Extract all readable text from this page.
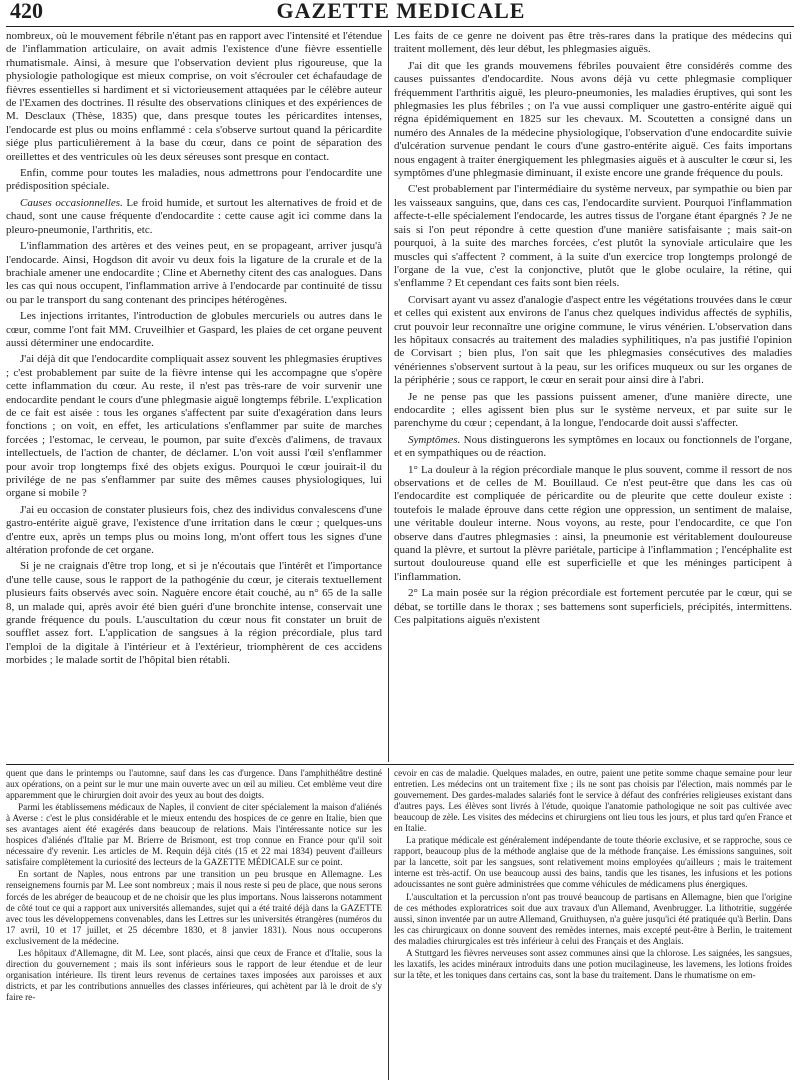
420	GAZETTE MEDICALE

nombreux, où le mouvement fébrile n'étant pas en rapport avec l'intensité et l'étendue de l'inflammation articulaire, on avait admis l'existence d'une fièvre essentielle rhumatismale. Ainsi, à mesure que l'observation devient plus rigoureuse, que la physiologie pathologique est mieux comprise, on voit s'écrouler cet échafaudage de fièvres essentielles si hardiment et si victorieusement attaquées par le célèbre auteur de l'Examen des doctrines. Il résulte des observations cliniques et des expériences de M. Desclaux (Thèse, 1835) que, dans presque toutes les péricardites intenses, l'endocarde est plus ou moins enflammé : cela s'observe surtout quand la péricardite siége plus particulièrement à la base du cœur, dans ce point de séparation des oreillettes et des ventricules où les deux séreuses sont presque en contact.

Enfin, comme pour toutes les maladies, nous admettrons pour l'endocardite une prédisposition spéciale.

Causes occasionnelles. Le froid humide, et surtout les alternatives de froid et de chaud, sont une cause fréquente d'endocardite : cette cause agit ici comme dans la pleuro-pneumonie, l'arthritis, etc.

L'inflammation des artères et des veines peut, en se propageant, arriver jusqu'à l'endocarde. Ainsi, Hogdson dit avoir vu deux fois la ligature de la crurale et de la brachiale amener une endocardite ; Cline et Abernethy citent des cas analogues. Dans les cas qui nous occupent, l'inflammation arrive à l'endocarde par continuité de tissu ou par le transport du sang contenant des principes hétérogènes.

Les injections irritantes, l'introduction de globules mercuriels ou autres dans le cœur, comme l'ont fait MM. Cruveilhier et Gaspard, les plaies de cet organe peuvent aussi déterminer une endocardite.

J'ai déjà dit que l'endocardite compliquait assez souvent les phlegmasies éruptives ; c'est probablement par suite de la fièvre intense qui les accompagne que s'opère cette inflammation du cœur. Au reste, il n'est pas très-rare de voir survenir une endocardite pendant le cours d'une phlegmasie aiguë longtemps fébrile. L'explication de ce fait est aisée : tous les organes s'affectent par suite d'exagération dans leurs fonctions ; on voit, en effet, les articulations s'enflammer par suite de marches forcées ; l'estomac, le cerveau, le poumon, par suite d'excès d'alimens, de travaux intellectuels, de l'action de chanter, de déclamer. L'on voit aussi l'œil s'enflammer pour avoir trop longtemps fixé des objets exigus. Pourquoi le cœur jouirait-il du privilége de ne pas s'enflammer par suite des mêmes causes physiologiques, lui organe si mobile ?

J'ai eu occasion de constater plusieurs fois, chez des individus convalescens d'une gastro-entérite aiguë grave, l'existence d'une irritation dans le cœur ; quelques-uns d'entre eux, après un temps plus ou moins long, m'ont offert tous les signes d'une altération profonde de cet organe.

Si je ne craignais d'être trop long, et si je n'écoutais que l'intérêt et l'importance d'une telle cause, sous le rapport de la pathogénie du cœur, je citerais textuellement plusieurs faits observés avec soin. Naguère encore était couché, au n° 65 de la salle 8, un malade qui, après avoir été bien guéri d'une bronchite intense, conservait une grande fréquence du pouls. L'auscultation du cœur nous fit constater un bruit de soufflet assez fort. L'application de sangsues à la région précordiale, plus tard l'emploi de la digitale à l'intérieur et à l'extérieur, triomphèrent de ces accidens morbides ; le malade sortit de l'hôpital bien rétabli.

Les faits de ce genre ne doivent pas être très-rares dans la pratique des médecins qui traitent mollement, dès leur début, les phlegmasies aiguës.

J'ai dit que les grands mouvemens fébriles pouvaient être considérés comme des causes puissantes d'endocardite. Nous avons déjà vu cette phlegmasie compliquer fréquemment l'arthritis aiguë, les pleuro-pneumonies, les maladies éruptives, qui sont les phlegmasies les plus fébriles ; on l'a vue aussi compliquer une gastro-entérite aiguë qui régna épidémiquement en 1825 sur les chevaux. M. Scoutetten a consigné dans un numéro des Annales de la médecine physiologique, l'observation d'une endocardite suivie d'ulcération survenue pendant le cours d'une gastro-entérite aiguë. Ces faits importans nous engagent à traiter énergiquement les phlegmasies aiguës et à ausculter le cœur si, les symptômes d'une phlegmasie diminuant, il existe encore une grande fréquence du pouls.

C'est probablement par l'intermédiaire du système nerveux, par sympathie ou bien par les vaisseaux sanguins, que, dans ces cas, l'endocardite survient. Pourquoi l'inflammation affecte-t-elle spécialement l'endocarde, les autres tissus de l'organe étant épargnés ? Je ne sais si l'on peut répondre à cette question d'une manière satisfaisante ; mais sait-on pourquoi, à la suite des marches forcées, c'est plutôt la synoviale articulaire que les muscles qui s'affectent ? comment, à la suite d'un exercice trop longtemps prolongé de l'organe de la vue, c'est la conjonctive, plutôt que le globe oculaire, la rétine, qui s'enflamme ? Et cependant ces faits sont bien réels.

Corvisart ayant vu assez d'analogie d'aspect entre les végétations trouvées dans le cœur et celles qui existent aux environs de l'anus chez quelques individus affectés de syphilis, crut pouvoir leur reconnaître une origine commune, le virus vénérien. L'observation dans les hôpitaux consacrés au traitement des maladies syphilitiques, n'a pas justifié l'opinion de Corvisart ; bien plus, l'on sait que les phlegmasies consécutives des maladies vénériennes s'observent surtout à la peau, sur les orifices muqueux ou sur les organes de la périphérie ; sous ce rapport, le cœur en serait pour ainsi dire à l'abri.

Je ne pense pas que les passions puissent amener, d'une manière directe, une endocardite ; elles agissent bien plus sur le système nerveux, et par suite sur le parenchyme du cœur ; cependant, à la longue, l'endocarde doit aussi s'affecter.

Symptômes. Nous distinguerons les symptômes en locaux ou fonctionnels de l'organe, et en sympathiques ou de réaction.

1° La douleur à la région précordiale manque le plus souvent, comme il ressort de nos observations et de celles de M. Bouillaud. Ce n'est peut-être que dans les cas où l'endocardite est compliquée de péricardite ou de pleurite que cette douleur existe : toutefois le malade éprouve dans cette région une oppression, un sentiment de malaise, une véritable douleur interne. Nous voyons, au reste, pour l'endocardite, ce que l'on observe dans d'autres phlegmasies : ainsi, la pneumonie est véritablement douloureuse quand la plèvre, et surtout la plèvre pariétale, participe à l'inflammation ; l'encéphalite est surtout douloureuse quand elle est superficielle et que les méninges participent à l'inflammation.

2° La main posée sur la région précordiale est fortement percutée par le cœur, qui se débat, se tortille dans le thorax ; ses battemens sont superficiels, précipités, intermittens. Ces palpitations aiguës n'existent

quent que dans le printemps ou l'automne, sauf dans les cas d'urgence. Dans l'amphithéâtre destiné aux opérations, on a peint sur le mur une main ouverte avec un œil au milieu. Cet emblème veut dire apparemment que le chirurgien doit avoir des yeux au bout des doigts.

Parmi les établissemens médicaux de Naples, il convient de citer spécialement la maison d'aliénés à Averse : c'est le plus considérable et le mieux entendu des hospices de ce genre en Italie, bien que ses avantages aient été exagérés dans beaucoup de relations. Mais l'intéressante notice sur les hospices d'aliénés d'Italie par M. Brierre de Brismont, est trop connue en France pour qu'il soit nécessaire d'y revenir. Les articles de M. Requin déjà cités (15 et 22 mai 1834) peuvent d'ailleurs satisfaire complètement la curiosité des lecteurs de la GAZETTE MÉDICALE sur ce point.

En sortant de Naples, nous entrons par une transition un peu brusque en Allemagne. Les renseignemens fournis par M. Lee sont nombreux ; mais il nous reste si peu de place, que nous serons forcés de les abréger de beaucoup et de ne choisir que les plus importans. Nous laisserons notamment de côté tout ce qui a rapport aux universités allemandes, sujet qui a été traité déjà dans la GAZETTE avec tous les développemens convenables, dans les Lettres sur les universités étrangères (numéros du 17 avril, 10 et 17 juillet, et 25 décembre 1830, et 8 janvier 1831). Nous nous occuperons exclusivement de la médecine.

Les hôpitaux d'Allemagne, dit M. Lee, sont placés, ainsi que ceux de France et d'Italie, sous la direction du gouvernement ; mais ils sont inférieurs sous le rapport de leur étendue et de leur organisation intérieure. Ils tirent leurs revenus de certaines taxes imposées aux paroisses et aux districts, et par les contributions annuelles des classes inférieures, qui achètent par là le droit de s'y faire re-

cevoir en cas de maladie. Quelques malades, en outre, paient une petite somme chaque semaine pour leur entretien. Les médecins ont un traitement fixe ; ils ne sont pas choisis par l'élection, mais nommés par le gouvernement. Des gardes-malades salariés font le service à défaut des confréries religieuses existant dans d'autres pays. Les élèves sont livrés à l'étude, quoique l'anatomie pathologique ne soit pas cultivée avec beaucoup de zèle. Les visites des médecins et chirurgiens ont lieu tous les jours, et plus tard qu'en France et en Italie.

La pratique médicale est généralement indépendante de toute théorie exclusive, et se rapproche, sous ce rapport, beaucoup plus de la méthode anglaise que de la méthode française. Les émissions sanguines, soit par la lancette, soit par les sangsues, sont relativement moins employées qu'ailleurs ; mais le traitement interne est très-actif. On use beaucoup aussi des bains, tandis que les tisanes, les infusions et les potions adoucissantes ne sont guère administrées que comme véhicules de médicamens plus énergiques.

L'auscultation et la percussion n'ont pas trouvé beaucoup de partisans en Allemagne, bien que l'origine de ces méthodes exploratrices soit due aux travaux d'un Allemand, Avenbrugger. La lithotritie, suggérée aussi, sinon inventée par un autre Allemand, Gruithuysen, n'a guère jusqu'ici été pratiquée qu'à Berlin. Dans les cas chirurgicaux on donne souvent des remèdes internes, mais excepté peut-être à Berlin, le traitement des maladies chirurgicales est très inférieur à celui des Français et des Anglais.

A Stuttgard les fièvres nerveuses sont assez communes ainsi que la chlorose. Les saignées, les sangsues, les laxatifs, les acides minéraux introduits dans une potion mucilagineuse, les lavemens, les lotions froides sur la tête, et les toniques dans certains cas, sont la base du traitement. Dans le rhumatisme on em-
